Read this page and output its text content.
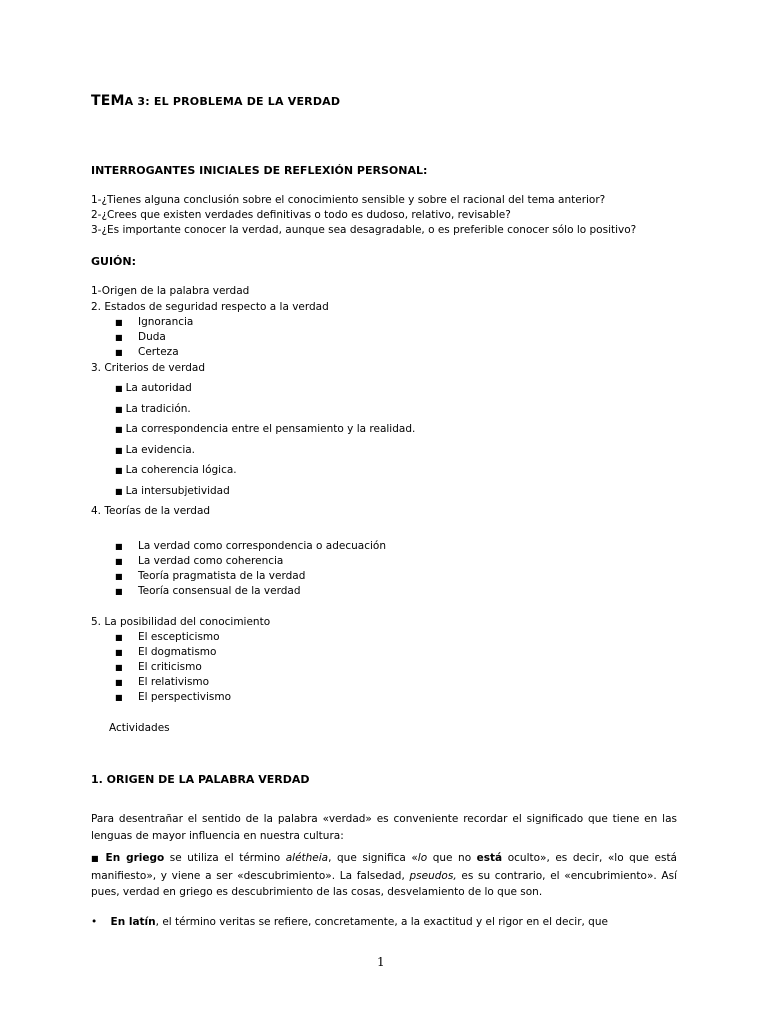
TEMA 3: EL PROBLEMA DE LA VERDAD
INTERROGANTES INICIALES DE REFLEXIÓN PERSONAL:
1-¿Tienes alguna conclusión sobre el conocimiento sensible y sobre el racional del tema anterior?
2-¿Crees que existen verdades definitivas o todo es dudoso, relativo, revisable?
3-¿Es importante conocer la verdad, aunque sea desagradable, o es preferible conocer sólo lo positivo?
GUIÓN:
1-Origen de la palabra verdad
2. Estados de seguridad respecto a la verdad
■ Ignorancia
■ Duda
■ Certeza
3. Criterios de verdad
■ La autoridad
■ La tradición.
■ La correspondencia entre el pensamiento y la realidad.
■ La evidencia.
■ La coherencia lógica.
■ La intersubjetividad
4. Teorías de la verdad
■ La verdad como correspondencia o adecuación
■ La verdad como coherencia
■ Teoría pragmatista de la verdad
■ Teoría consensual de la verdad
5. La posibilidad del conocimiento
■ El escepticismo
■ El dogmatismo
■ El criticismo
■ El relativismo
■ El perspectivismo
Actividades
1. ORIGEN DE LA PALABRA VERDAD
Para desentrañar el sentido de la palabra «verdad» es conveniente recordar el significado que tiene en las lenguas de mayor influencia en nuestra cultura:
■ En griego se utiliza el término alétheia, que significa «lo que no está oculto», es decir, «lo que está manifiesto», y viene a ser «descubrimiento». La falsedad, pseudos, es su contrario, el «encubrimiento». Así pues, verdad en griego es descubrimiento de las cosas, desvelamiento de lo que son.
•    En latín, el término veritas se refiere, concretamente, a la exactitud y el rigor en el decir, que
1
